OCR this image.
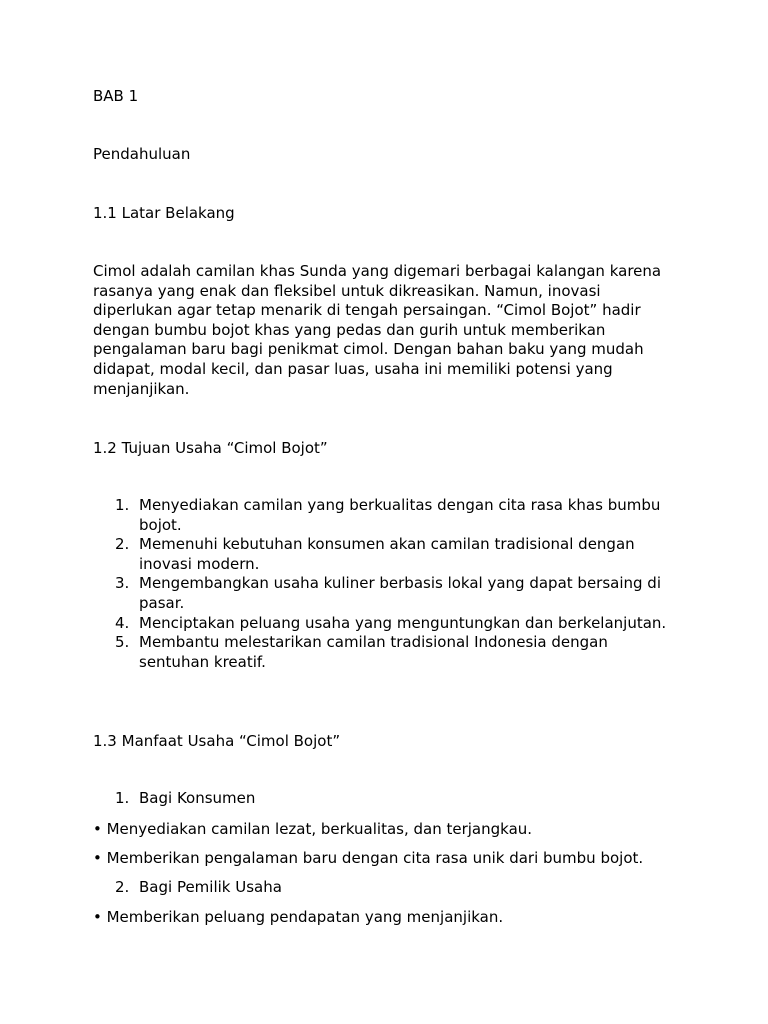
BAB 1
Pendahuluan
1.1 Latar Belakang
Cimol adalah camilan khas Sunda yang digemari berbagai kalangan karena rasanya yang enak dan fleksibel untuk dikreasikan. Namun, inovasi diperlukan agar tetap menarik di tengah persaingan. “Cimol Bojot” hadir dengan bumbu bojot khas yang pedas dan gurih untuk memberikan pengalaman baru bagi penikmat cimol. Dengan bahan baku yang mudah didapat, modal kecil, dan pasar luas, usaha ini memiliki potensi yang menjanjikan.
1.2 Tujuan Usaha “Cimol Bojot”
1. Menyediakan camilan yang berkualitas dengan cita rasa khas bumbu bojot.
2. Memenuhi kebutuhan konsumen akan camilan tradisional dengan inovasi modern.
3. Mengembangkan usaha kuliner berbasis lokal yang dapat bersaing di pasar.
4. Menciptakan peluang usaha yang menguntungkan dan berkelanjutan.
5. Membantu melestarikan camilan tradisional Indonesia dengan sentuhan kreatif.
1.3 Manfaat Usaha “Cimol Bojot”
1. Bagi Konsumen
• Menyediakan camilan lezat, berkualitas, dan terjangkau.
• Memberikan pengalaman baru dengan cita rasa unik dari bumbu bojot.
2. Bagi Pemilik Usaha
• Memberikan peluang pendapatan yang menjanjikan.
